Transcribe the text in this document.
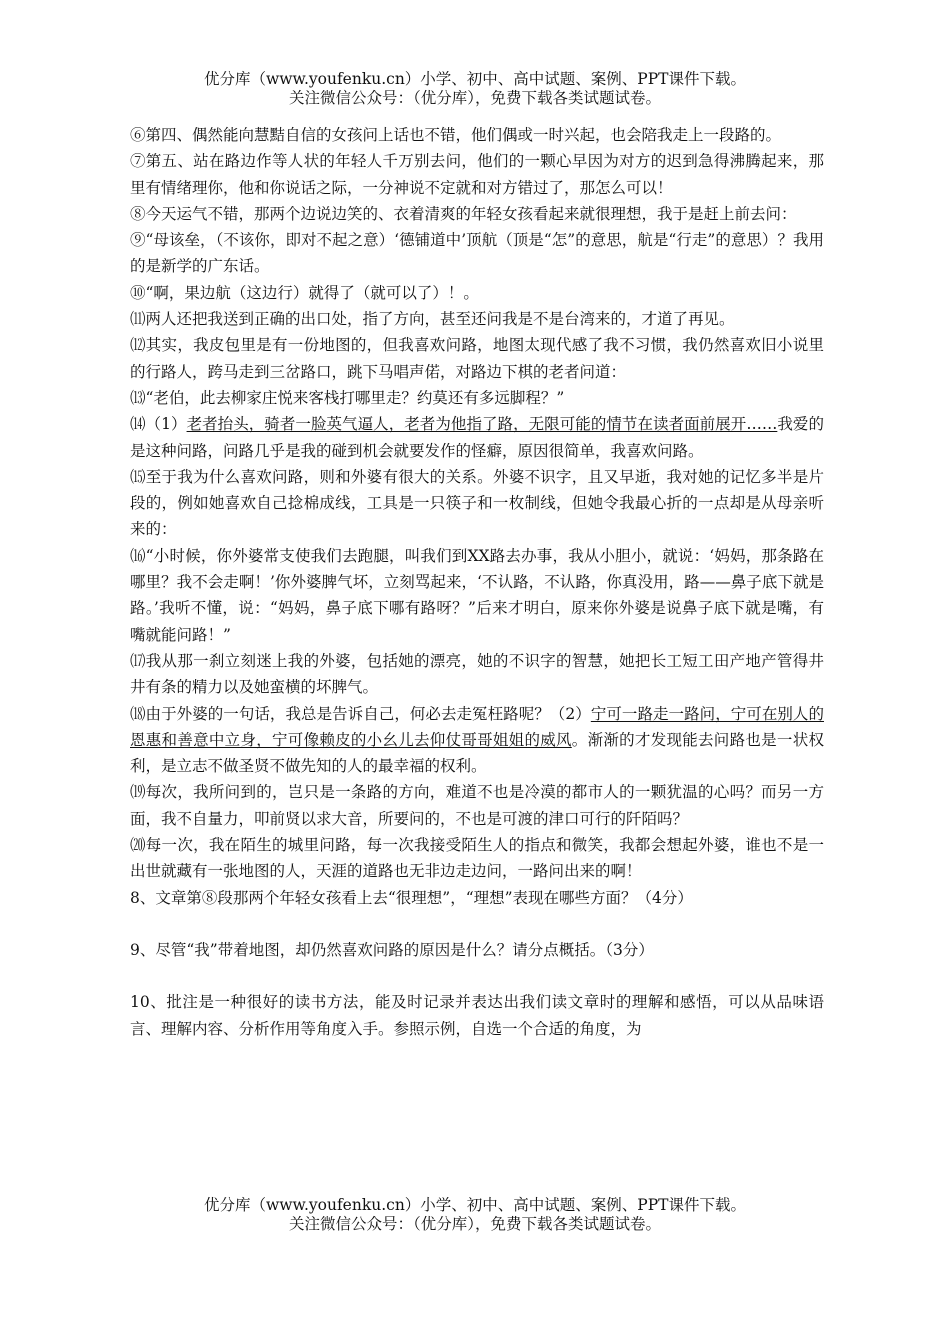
优分库（www.youfenku.cn）小学、初中、高中试题、案例、PPT课件下载。
关注微信公众号：（优分库），免费下载各类试题试卷。

⑥第四、偶然能向慧黠自信的女孩问上话也不错，他们偶或一时兴起，也会陪我走上一段路的。

⑦第五、站在路边作等人状的年轻人千万别去问，他们的一颗心早因为对方的迟到急得沸腾起来，那里有情绪理你，他和你说话之际，一分神说不定就和对方错过了，那怎么可以！

⑧今天运气不错，那两个边说边笑的、衣着清爽的年轻女孩看起来就很理想，我于是赶上前去问：

⑨“母该垒，（不该你，即对不起之意）‘德铺道中’顶航（顶是“怎”的意思，航是“行走”的意思）？我用的是新学的广东话。

⑩“啊，果边航（这边行）就得了（就可以了）！。

⑾两人还把我送到正确的出口处，指了方向，甚至还问我是不是台湾来的，才道了再见。

⑿其实，我皮包里是有一份地图的，但我喜欢问路，地图太现代感了我不习惯，我仍然喜欢旧小说里的行路人，跨马走到三岔路口，跳下马唱声偌，对路边下棋的老者问道：

⒀“老伯，此去柳家庄悦来客栈打哪里走？约莫还有多远脚程？”

⒁（1）老者抬头，骑者一脸英气逼人，老者为他指了路，无限可能的情节在读者面前展开……我爱的是这种问路，问路几乎是我的碰到机会就要发作的怪癖，原因很简单，我喜欢问路。

⒂至于我为什么喜欢问路，则和外婆有很大的关系。外婆不识字，且又早逝，我对她的记忆多半是片段的，例如她喜欢自己捻棉成线，工具是一只筷子和一枚制线，但她令我最心折的一点却是从母亲听来的：

⒃“小时候，你外婆常支使我们去跑腿，叫我们到XX路去办事，我从小胆小，就说：‘妈妈，那条路在哪里？我不会走啊！’你外婆脾气坏，立刻骂起来，‘不认路，不认路，你真没用，路——鼻子底下就是路。’我听不懂，说：“妈妈，鼻子底下哪有路呀？”后来才明白，原来你外婆是说鼻子底下就是嘴，有嘴就能问路！”

⒄我从那一刹立刻迷上我的外婆，包括她的漂亮，她的不识字的智慧，她把长工短工田产地产管得井井有条的精力以及她蛮横的坏脾气。

⒅由于外婆的一句话，我总是告诉自己，何必去走冤枉路呢？（2）宁可一路走一路问，宁可在别人的恩惠和善意中立身，宁可像赖皮的小幺儿去仰仗哥哥姐姐的威风。渐渐的才发现能去问路也是一状权利，是立志不做圣贤不做先知的人的最幸福的权利。

⒆每次，我所问到的，岂只是一条路的方向，难道不也是冷漠的都市人的一颗犹温的心吗？而另一方面，我不自量力，叩前贤以求大音，所要问的，不也是可渡的津口可行的阡陌吗？

⒇每一次，我在陌生的城里问路，每一次我接受陌生人的指点和微笑，我都会想起外婆，谁也不是一出世就藏有一张地图的人，天涯的道路也无非边走边问，一路问出来的啊！

8、文章第⑧段那两个年轻女孩看上去“很理想”，“理想”表现在哪些方面？（4分）

9、尽管“我”带着地图，却仍然喜欢问路的原因是什么？请分点概括。（3分）

10、批注是一种很好的读书方法，能及时记录并表达出我们读文章时的理解和感悟，可以从品味语言、理解内容、分析作用等角度入手。参照示例，自选一个合适的角度，为

优分库（www.youfenku.cn）小学、初中、高中试题、案例、PPT课件下载。
关注微信公众号：（优分库），免费下载各类试题试卷。
